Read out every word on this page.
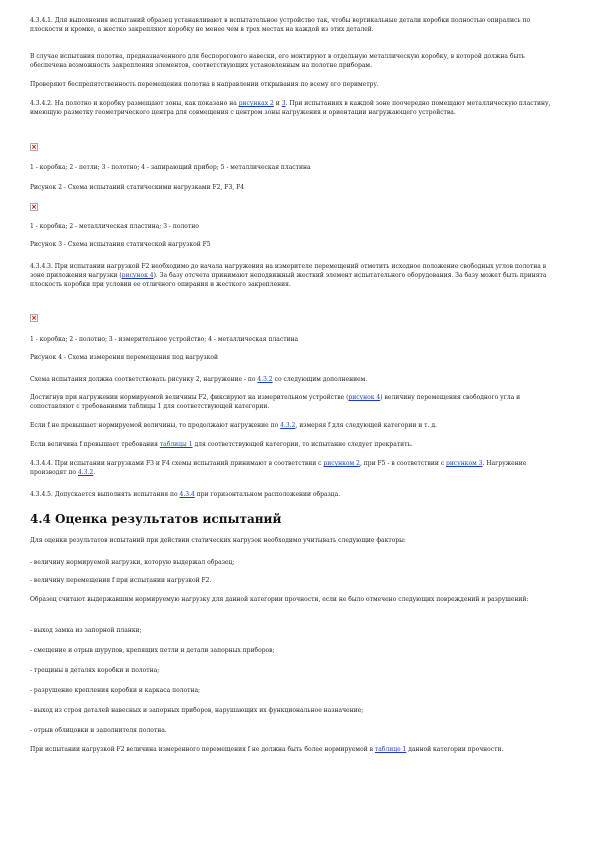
4.3.4.1. Для выполнения испытаний образец устанавливают в испытательное устройство так, чтобы вертикальные детали коробки полностью опирались по плоскости и кромке, а жестко закрепляют коробку не менее чем в трех местах на каждой из этих деталей.

В случае испытания полотна, предназначенного для беспорогового навески, его монтируют в отдельную металлическую коробку, в которой должна быть обеспечена возможность закрепления элементов, соответствующих установленным на полотне приборам.

Проверяют беспрепятственность перемещения полотна в направлении открывания по всему его периметру.

4.3.4.2. На полотно и коробку размещают зоны, как показано на рисунках 2 и 3. При испытаниях в каждой зоне поочередно помещают металлическую пластину, имеющую разметку геометрического центра для совмещения с центром зоны нагружения и ориентации нагружающего устройства.

×

1 - коробка; 2 - петли; 3 - полотно; 4 - запирающий прибор; 5 - металлическая пластина

Рисунок 2 - Схема испытаний статическими нагрузками F2, F3, F4

×

1 - коробка; 2 - металлическая пластина; 3 - полотно

Рисунок 3 - Схема испытания статической нагрузкой F5

4.3.4.3. При испытании нагрузкой F2 необходимо до начала нагружения на измерителе перемещений отметить исходное положение свободных углов полотна в зоне приложения нагрузки (рисунок 4). За базу отсчета принимают неподвижный жесткий элемент испытательного оборудования. За базу может быть принята плоскость коробки при условии ее отличного опирания и жесткого закрепления.

×

1 - коробка; 2 - полотно; 3 - измерительное устройство; 4 - металлическая пластина

Рисунок 4 - Схема измерения перемещения под нагрузкой

Схема испытания должна соответствовать рисунку 2, нагружение - по 4.3.2 со следующим дополнением.

Достигнув при нагружении нормируемой величины F2, фиксируют на измерительном устройстве (рисунок 4) величину перемещения свободного угла и сопоставляют с требованиями таблицы 1 для соответствующей категории.

Если f не превышает нормируемой величины, то продолжают нагружение по 4.3.2, измеряя f для следующей категории и т. д.

Если величина f превышает требования таблицы 1 для соответствующей категории, то испытание следует прекратить.

4.3.4.4. При испытании нагрузками F3 и F4 схемы испытаний принимают в соответствии с рисунком 2, при F5 - в соответствии с рисунком 3. Нагружение производят по 4.3.2.

4.3.4.5. Допускается выполнять испытания по 4.3.4 при горизонтальном расположении образца.

4.4 Оценка результатов испытаний

Для оценки результатов испытаний при действии статических нагрузок необходимо учитывать следующие факторы:

- величину нормируемой нагрузки, которую выдержал образец;

- величину перемещения f при испытании нагрузкой F2.

Образец считают выдержавшим нормируемую нагрузку для данной категории прочности, если не было отмечено следующих повреждений и разрушений:

- выход замка из запорной планки;

- смещение и отрыв шурупов, крепящих петли и детали запорных приборов;

- трещины в деталях коробки и полотна;

- разрушение крепления коробки и каркаса полотна;

- выход из строя деталей навесных и запорных приборов, нарушающих их функциональное назначение;

- отрыв облицовки и заполнителя полотна.

При испытании нагрузкой F2 величина измеренного перемещения f не должна быть более нормируемой в таблице 1 данной категории прочности.
